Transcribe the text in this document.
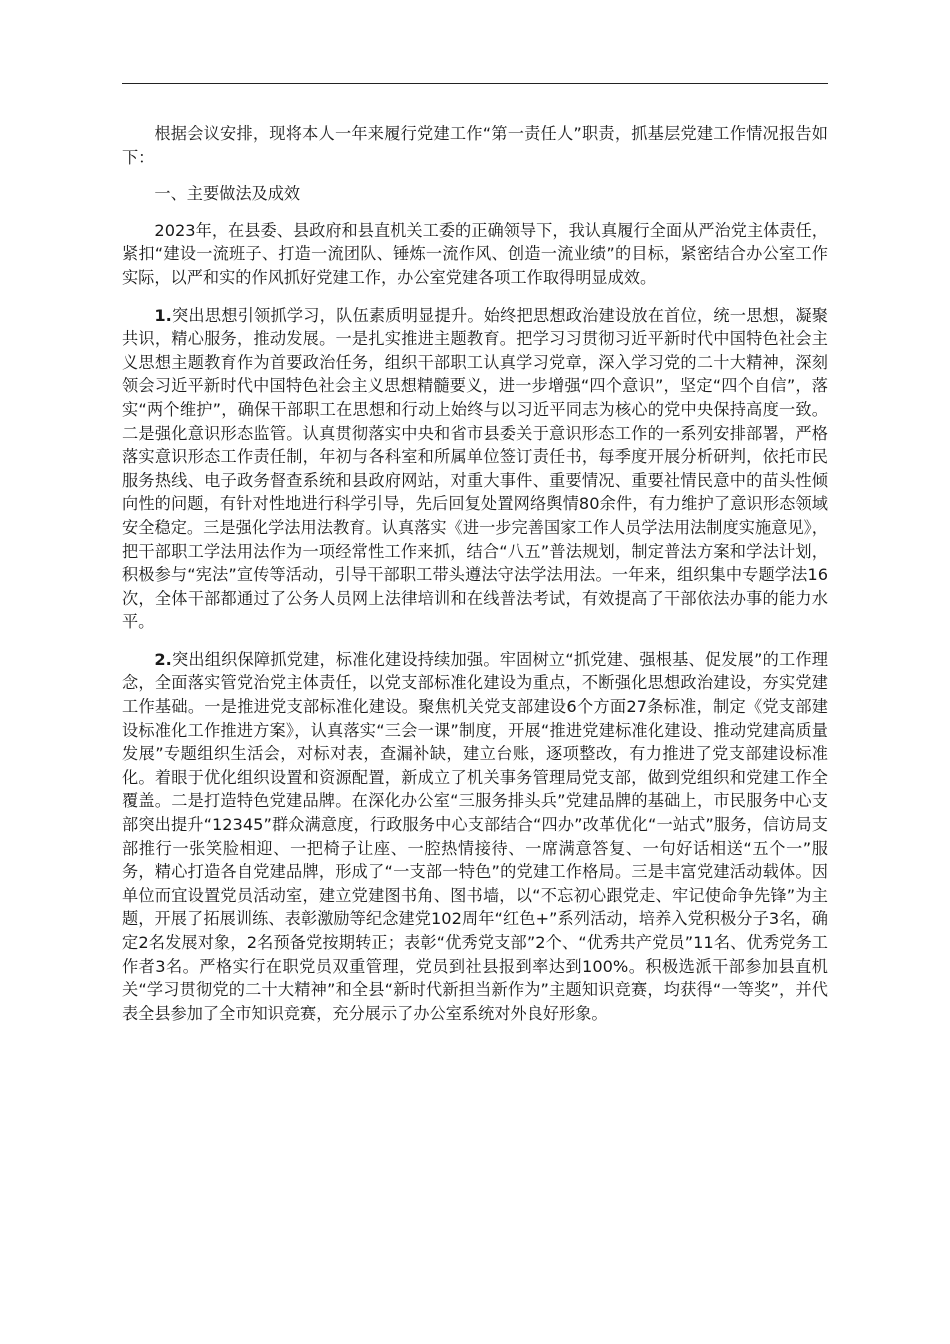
根据会议安排，现将本人一年来履行党建工作“第一责任人”职责，抓基层党建工作情况报告如下：

一、主要做法及成效

2023年，在县委、县政府和县直机关工委的正确领导下，我认真履行全面从严治党主体责任，紧扣“建设一流班子、打造一流团队、锤炼一流作风、创造一流业绩”的目标，紧密结合办公室工作实际，以严和实的作风抓好党建工作，办公室党建各项工作取得明显成效。

1.突出思想引领抓学习，队伍素质明显提升。始终把思想政治建设放在首位，统一思想，凝聚共识，精心服务，推动发展。一是扎实推进主题教育。把学习习贯彻习近平新时代中国特色社会主义思想主题教育作为首要政治任务，组织干部职工认真学习党章，深入学习党的二十大精神，深刻领会习近平新时代中国特色社会主义思想精髓要义，进一步增强“四个意识”，坚定“四个自信”，落实“两个维护”，确保干部职工在思想和行动上始终与以习近平同志为核心的党中央保持高度一致。二是强化意识形态监管。认真贯彻落实中央和省市县委关于意识形态工作的一系列安排部署，严格落实意识形态工作责任制，年初与各科室和所属单位签订责任书，每季度开展分析研判，依托市民服务热线、电子政务督查系统和县政府网站，对重大事件、重要情况、重要社情民意中的苗头性倾向性的问题，有针对性地进行科学引导，先后回复处置网络舆情80余件，有力维护了意识形态领域安全稳定。三是强化学法用法教育。认真落实《进一步完善国家工作人员学法用法制度实施意见》，把干部职工学法用法作为一项经常性工作来抓，结合“八五”普法规划，制定普法方案和学法计划，积极参与“宪法”宣传等活动，引导干部职工带头遵法守法学法用法。一年来，组织集中专题学法16次，全体干部都通过了公务人员网上法律培训和在线普法考试，有效提高了干部依法办事的能力水平。

2.突出组织保障抓党建，标准化建设持续加强。牢固树立“抓党建、强根基、促发展”的工作理念，全面落实管党治党主体责任，以党支部标准化建设为重点，不断强化思想政治建设，夯实党建工作基础。一是推进党支部标准化建设。聚焦机关党支部建设6个方面27条标准，制定《党支部建设标准化工作推进方案》，认真落实“三会一课”制度，开展“推进党建标准化建设、推动党建高质量发展”专题组织生活会，对标对表，查漏补缺，建立台账，逐项整改，有力推进了党支部建设标准化。着眼于优化组织设置和资源配置，新成立了机关事务管理局党支部，做到党组织和党建工作全覆盖。二是打造特色党建品牌。在深化办公室“三服务排头兵”党建品牌的基础上，市民服务中心支部突出提升“12345”群众满意度，行政服务中心支部结合“四办”改革优化“一站式”服务，信访局支部推行一张笑脸相迎、一把椅子让座、一腔热情接待、一席满意答复、一句好话相送“五个一”服务，精心打造各自党建品牌，形成了“一支部一特色”的党建工作格局。三是丰富党建活动载体。因单位而宜设置党员活动室，建立党建图书角、图书墙，以“不忘初心跟党走、牢记使命争先锋”为主题，开展了拓展训练、表彰激励等纪念建党102周年“红色+”系列活动，培养入党积极分子3名，确定2名发展对象，2名预备党按期转正；表彰“优秀党支部”2个、“优秀共产党员”11名、优秀党务工作者3名。严格实行在职党员双重管理，党员到社县报到率达到100%。积极选派干部参加县直机关“学习贯彻党的二十大精神”和全县“新时代新担当新作为”主题知识竞赛，均获得“一等奖”，并代表全县参加了全市知识竞赛，充分展示了办公室系统对外良好形象。
